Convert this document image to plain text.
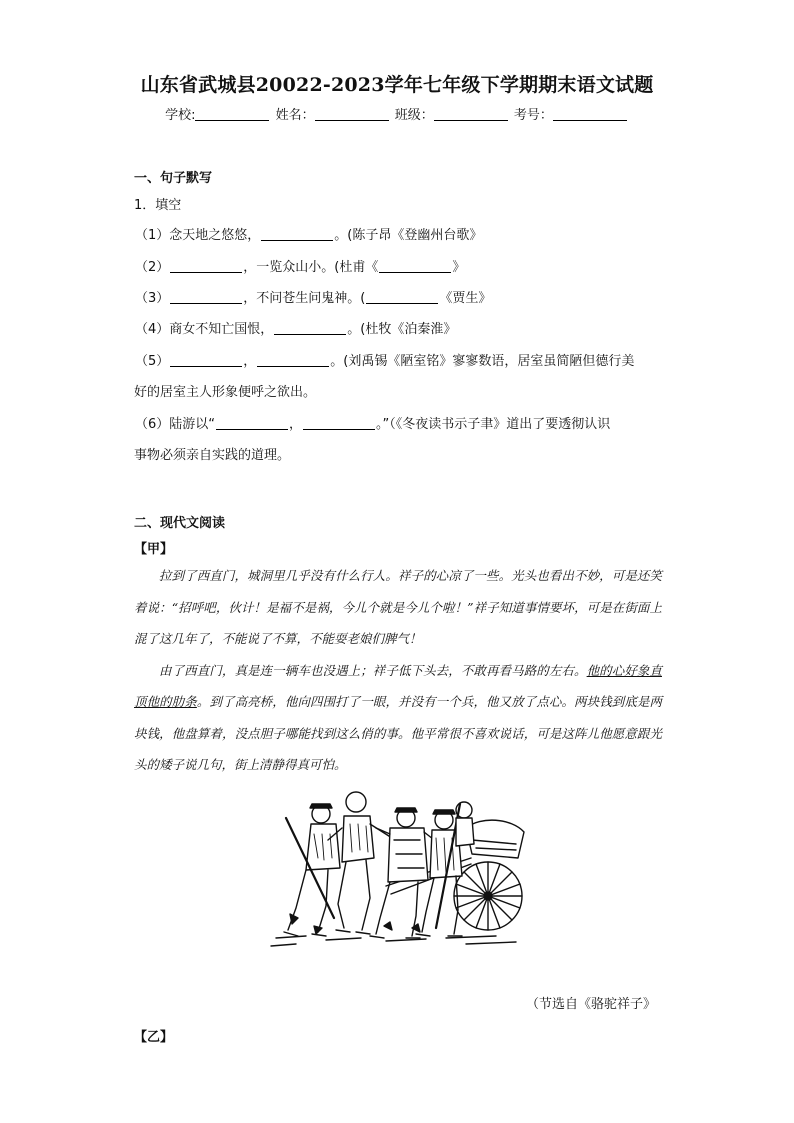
山东省武城县20022-2023学年七年级下学期期末语文试题
学校:	姓名：	班级：	考号：
一、句子默写
1．填空
（1）念天地之悠悠，	。(陈子昂《登幽州台歌》
（2）	，一览众山小。(杜甫《	》
（3）	，不问苍生问鬼神。(	《贾生》
（4）商女不知亡国恨，	。(杜牧《泊秦淮》
（5）	，	。(刘禹锡《陋室铭》寥寥数语，居室虽简陋但德行美
好的居室主人形象便呼之欲出。
（6）陆游以“	，	。”（《冬夜读书示子聿》道出了要透彻认识
事物必须亲自实践的道理。
二、现代文阅读
【甲】

拉到了西直门，城洞里几乎没有什么行人。祥子的心凉了一些。光头也看出不妙，可是还笑着说：“招呼吧，伙计！是福不是祸，今儿个就是今儿个啦！”祥子知道事情要坏，可是在街面上混了这几年了，不能说了不算，不能耍老娘们脾气！

由了西直门，真是连一辆车也没遇上；祥子低下头去，不敢再看马路的左右。他的心好象直顶他的肋条。到了高亮桥，他向四围打了一眼，并没有一个兵，他又放了点心。两块钱到底是两块钱，他盘算着，没点胆子哪能找到这么俏的事。他平常很不喜欢说话，可是这阵儿他愿意跟光头的矮子说几句，街上清静得真可怕。

（节选自《骆驼祥子》
【乙】
